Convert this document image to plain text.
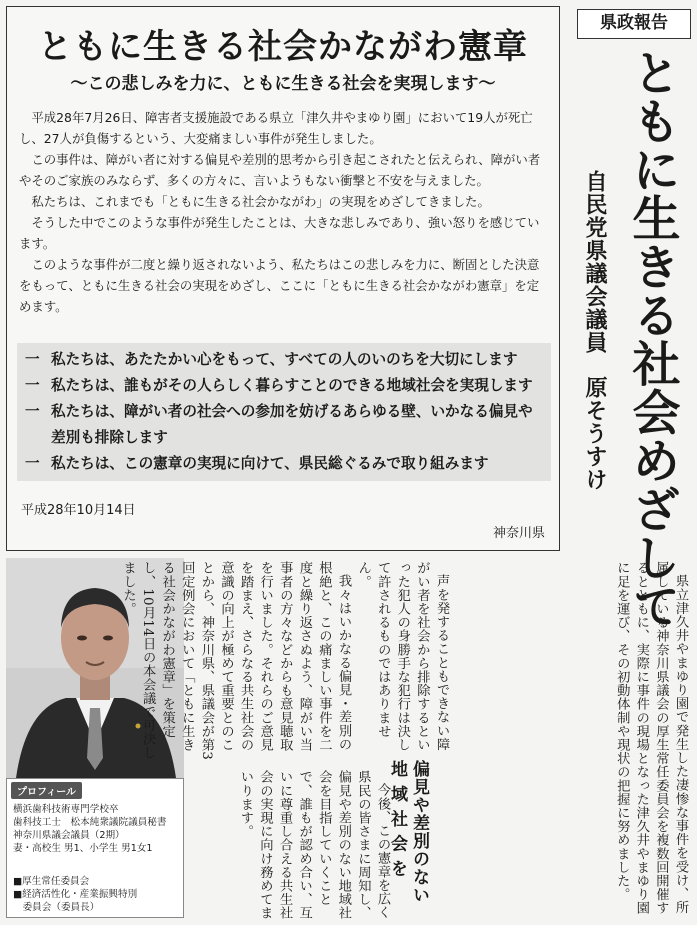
ともに生きる社会かながわ憲章
〜この悲しみを力に、ともに生きる社会を実現します〜

平成28年7月26日、障害者支援施設である県立「津久井やまゆり園」において19人が死亡し、27人が負傷するという、大変痛ましい事件が発生しました。

この事件は、障がい者に対する偏見や差別的思考から引き起こされたと伝えられ、障がい者やそのご家族のみならず、多くの方々に、言いようもない衝撃と不安を与えました。

私たちは、これまでも「ともに生きる社会かながわ」の実現をめざしてきました。

そうした中でこのような事件が発生したことは、大きな悲しみであり、強い怒りを感じています。

このような事件が二度と繰り返されないよう、私たちはこの悲しみを力に、断固とした決意をもって、ともに生きる社会の実現をめざし、ここに「ともに生きる社会かながわ憲章」を定めます。

一 私たちは、あたたかい心をもって、すべての人のいのちを大切にします
一 私たちは、誰もがその人らしく暮らすことのできる地域社会を実現します
一 私たちは、障がい者の社会への参加を妨げるあらゆる壁、いかなる偏見や差別も排除します
一 私たちは、この憲章の実現に向けて、県民総ぐるみで取り組みます
平成28年10月14日
神奈川県
県政報告
ともに生きる社会めざして
自民党県議会議員原そうすけ
プロフィール
横浜歯科技術専門学校卒
歯科技工士　松本純衆議院議員秘書
神奈川県議会議員（2期）
妻・高校生 男1、小学生 男1女1
■厚生常任委員会
■経済活性化・産業振興特別
　委員会（委員長）	県立津久井やまゆり園で発生した凄惨な事件を受け、所属している神奈川県議会の厚生常任委員会を複数回開催するとともに、実際に事件の現場となった津久井やまゆり園に足を運び、その初動体制や現状の把握に努めました。

声を発することもできない障がい者を社会から排除するといった犯人の身勝手な犯行は決して許されるものではありません。

我々はいかなる偏見・差別の根絶と、この痛ましい事件を二度と繰り返さぬよう、障がい当事者の方々などからも意見聴取を行いました。それらのご意見を踏まえ、さらなる共生社会の意識の向上が極めて重要とのことから、神奈川県、県議会が第3回定例会において「ともに生きる社会かながわ憲章」を策定し、10月14日の本会議で可決しました。

偏見や差別のない
地 域 社 会 を

今後、この憲章を広く県民の皆さまに周知し、偏見や差別のない地域社会を目指していくことで、誰もが認め合い、互いに尊重し合える共生社会の実現に向け務めてまいります。
